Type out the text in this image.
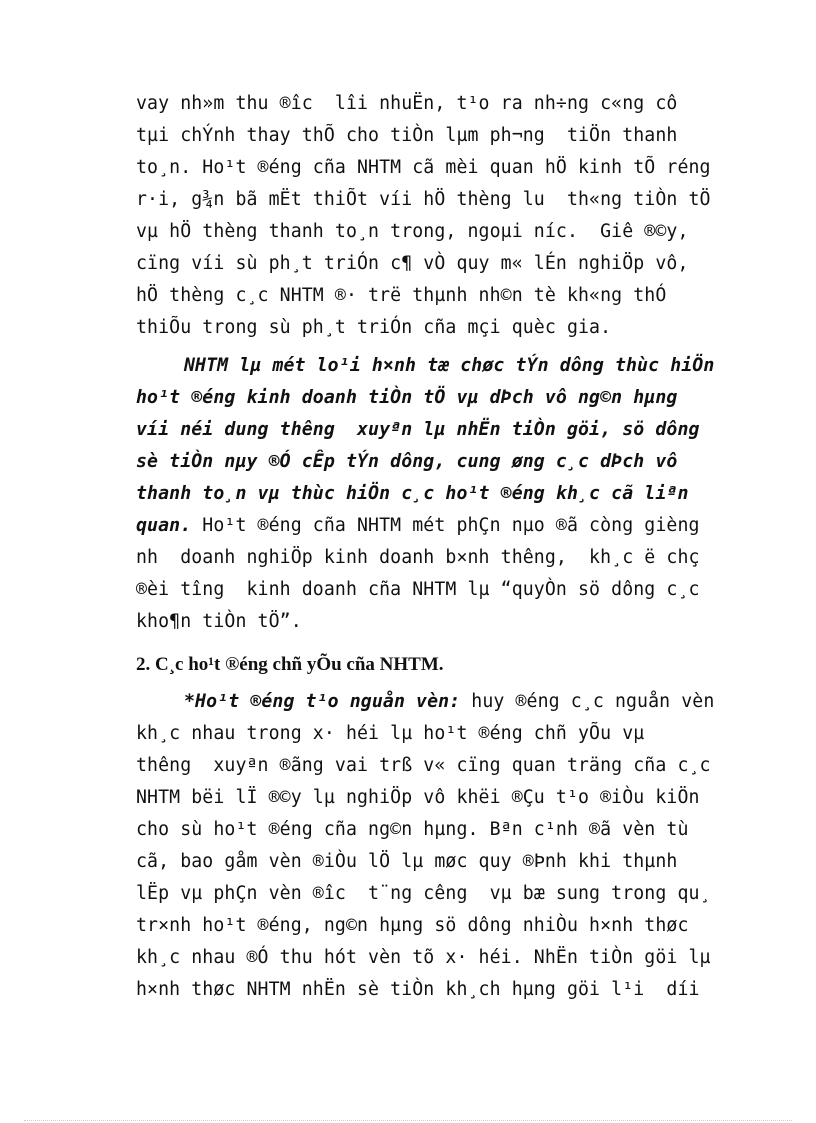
vay nh»m thu ®îc  lîi nhuËn, t¹o ra nh÷ng c«ng cô
tµi chÝnh thay thÕ cho tiÒn lµm ph¬ng  tiÖn thanh
to¸n. Ho¹t ®éng cña NHTM cã mèi quan hÖ kinh tÕ réng
r·i, g¾n bã mËt thiÕt víi hÖ thèng lu  th«ng tiÒn tÖ
vµ hÖ thèng thanh to¸n trong, ngoµi níc.  Giê ®©y,
cïng víi sù ph¸t triÓn c¶ vÒ quy m« lÉn nghiÖp vô,
hÖ thèng c¸c NHTM ®· trë thµnh nh©n tè kh«ng thÓ
thiÕu trong sù ph¸t triÓn cña mçi quèc gia.
NHTM lµ mét lo¹i h×nh tæ chøc tÝn dông thùc hiÖn
ho¹t ®éng kinh doanh tiÒn tÖ vµ dÞch vô ng©n hµng
víi néi dung thêng  xuyªn lµ nhËn tiÒn göi, sö dông
sè tiÒn nµy ®Ó cÊp tÝn dông, cung øng c¸c dÞch vô
thanh to¸n vµ thùc hiÖn c¸c ho¹t ®éng kh¸c cã liªn
quan. Ho¹t ®éng cña NHTM mét phÇn nµo ®ã còng gièng
nh  doanh nghiÖp kinh doanh b×nh thêng,  kh¸c ë chç
®èi tîng  kinh doanh cña NHTM lµ “quyÒn sö dông c¸c
kho¶n tiÒn tÖ”.
2. C¸c ho¹t ®éng chñ yÕu cña NHTM.
*Ho¹t ®éng t¹o nguån vèn: huy ®éng c¸c nguån vèn
kh¸c nhau trong x· héi lµ ho¹t ®éng chñ yÕu vµ
thêng  xuyªn ®ãng vai trß v« cïng quan träng cña c¸c
NHTM bëi lÏ ®©y lµ nghiÖp vô khëi ®Çu t¹o ®iÒu kiÖn
cho sù ho¹t ®éng cña ng©n hµng. Bªn c¹nh ®ã vèn tù
cã, bao gåm vèn ®iÒu lÖ lµ møc quy ®Þnh khi thµnh
lËp vµ phÇn vèn ®îc  t¨ng cêng  vµ bæ sung trong qu¸
tr×nh ho¹t ®éng, ng©n hµng sö dông nhiÒu h×nh thøc
kh¸c nhau ®Ó thu hót vèn tõ x· héi. NhËn tiÒn göi lµ
h×nh thøc NHTM nhËn sè tiÒn kh¸ch hµng göi l¹i  díi
